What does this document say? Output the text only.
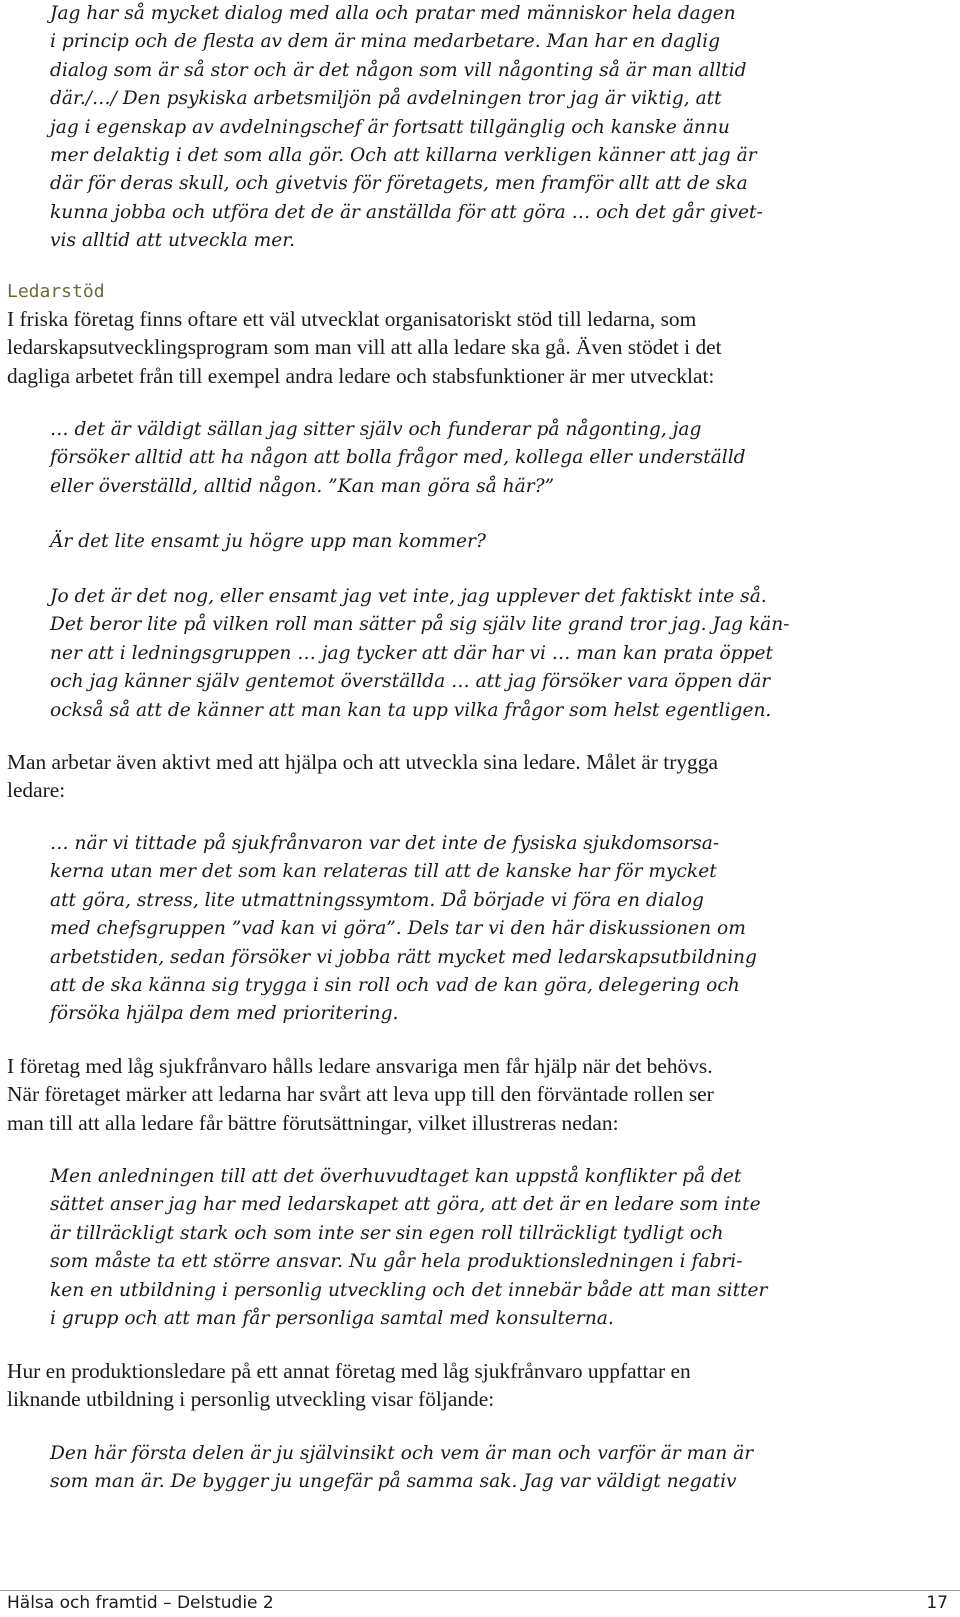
Jag har så mycket dialog med alla och pratar med människor hela dagen
i princip och de flesta av dem är mina medarbetare. Man har en daglig
dialog som är så stor och är det någon som vill någonting så är man alltid
där./…/ Den psykiska arbetsmiljön på avdelningen tror jag är viktig, att
jag i egenskap av avdelningschef är fortsatt tillgänglig och kanske ännu
mer delaktig i det som alla gör. Och att killarna verkligen känner att jag är
där för deras skull, och givetvis för företagets, men framför allt att de ska
kunna jobba och utföra det de är anställda för att göra … och det går givet-
vis alltid att utveckla mer.
Ledarstöd
I friska företag finns oftare ett väl utvecklat organisatoriskt stöd till ledarna, som
ledarskapsutvecklingsprogram som man vill att alla ledare ska gå. Även stödet i det
dagliga arbetet från till exempel andra ledare och stabsfunktioner är mer utvecklat:
… det är väldigt sällan jag sitter själv och funderar på någonting, jag
försöker alltid att ha någon att bolla frågor med, kollega eller underställd
eller överställd, alltid någon. ”Kan man göra så här?”
Är det lite ensamt ju högre upp man kommer?
Jo det är det nog, eller ensamt jag vet inte, jag upplever det faktiskt inte så.
Det beror lite på vilken roll man sätter på sig själv lite grand tror jag. Jag kän-
ner att i ledningsgruppen … jag tycker att där har vi … man kan prata öppet
och jag känner själv gentemot överställda … att jag försöker vara öppen där
också så att de känner att man kan ta upp vilka frågor som helst egentligen.
Man arbetar även aktivt med att hjälpa och att utveckla sina ledare. Målet är trygga
ledare:
… när vi tittade på sjukfrånvaron var det inte de fysiska sjukdomsorsa-
kerna utan mer det som kan relateras till att de kanske har för mycket
att göra, stress, lite utmattningssymtom. Då började vi föra en dialog
med chefsgruppen ”vad kan vi göra”. Dels tar vi den här diskussionen om
arbetstiden, sedan försöker vi jobba rätt mycket med ledarskapsutbildning
att de ska känna sig trygga i sin roll och vad de kan göra, delegering och
försöka hjälpa dem med prioritering.
I företag med låg sjukfrånvaro hålls ledare ansvariga men får hjälp när det behövs.
När företaget märker att ledarna har svårt att leva upp till den förväntade rollen ser
man till att alla ledare får bättre förutsättningar, vilket illustreras nedan:
Men anledningen till att det överhuvudtaget kan uppstå konflikter på det
sättet anser jag har med ledarskapet att göra, att det är en ledare som inte
är tillräckligt stark och som inte ser sin egen roll tillräckligt tydligt och
som måste ta ett större ansvar. Nu går hela produktionsledningen i fabri-
ken en utbildning i personlig utveckling och det innebär både att man sitter
i grupp och att man får personliga samtal med konsulterna.
Hur en produktionsledare på ett annat företag med låg sjukfrånvaro uppfattar en
liknande utbildning i personlig utveckling visar följande:
Den här första delen är ju självinsikt och vem är man och varför är man är
som man är. De bygger ju ungefär på samma sak. Jag var väldigt negativ
Hälsa och framtid – Delstudie 2	17
